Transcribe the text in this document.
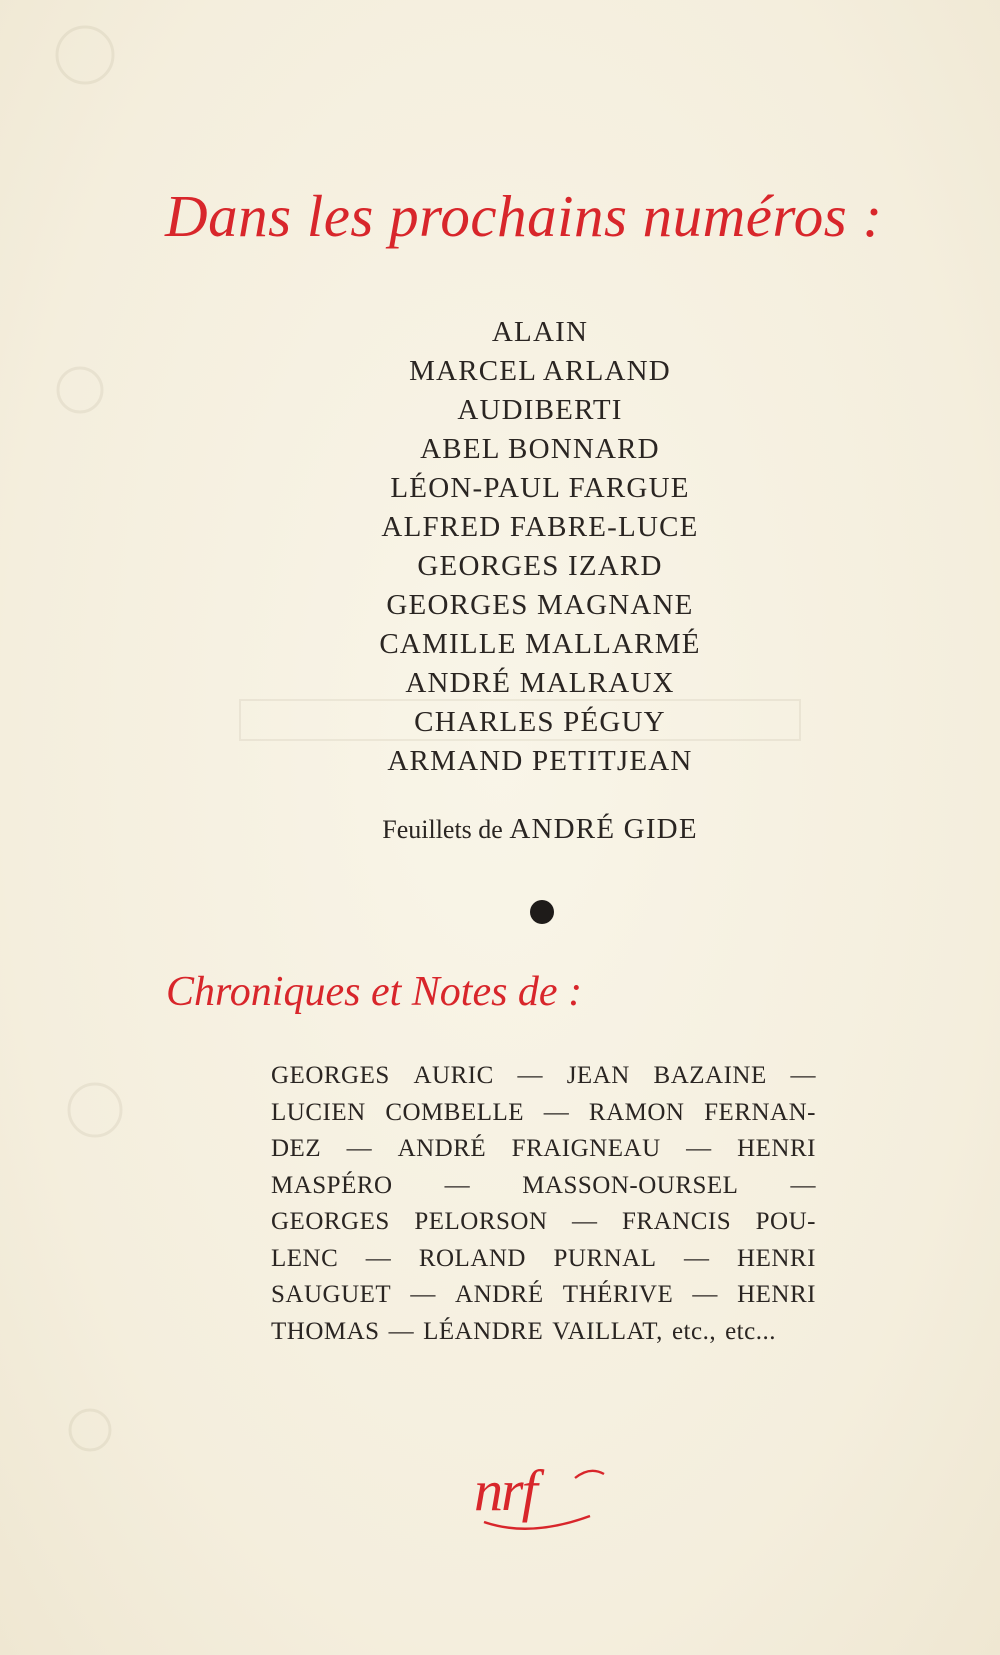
Dans les prochains numéros :
ALAIN
MARCEL ARLAND
AUDIBERTI
ABEL BONNARD
LÉON-PAUL FARGUE
ALFRED FABRE-LUCE
GEORGES IZARD
GEORGES MAGNANE
CAMILLE MALLARMÉ
ANDRÉ MALRAUX
CHARLES PÉGUY
ARMAND PETITJEAN
Feuillets de ANDRÉ GIDE
Chroniques et Notes de :
GEORGES AURIC — JEAN BAZAINE —
LUCIEN COMBELLE — RAMON FERNAN-
DEZ — ANDRÉ FRAIGNEAU — HENRI
MASPÉRO — MASSON-OURSEL —
GEORGES PELORSON — FRANCIS POU-
LENC — ROLAND PURNAL — HENRI
SAUGUET — ANDRÉ THÉRIVE — HENRI
THOMAS — LÉANDRE VAILLAT, etc., etc...
nrf
